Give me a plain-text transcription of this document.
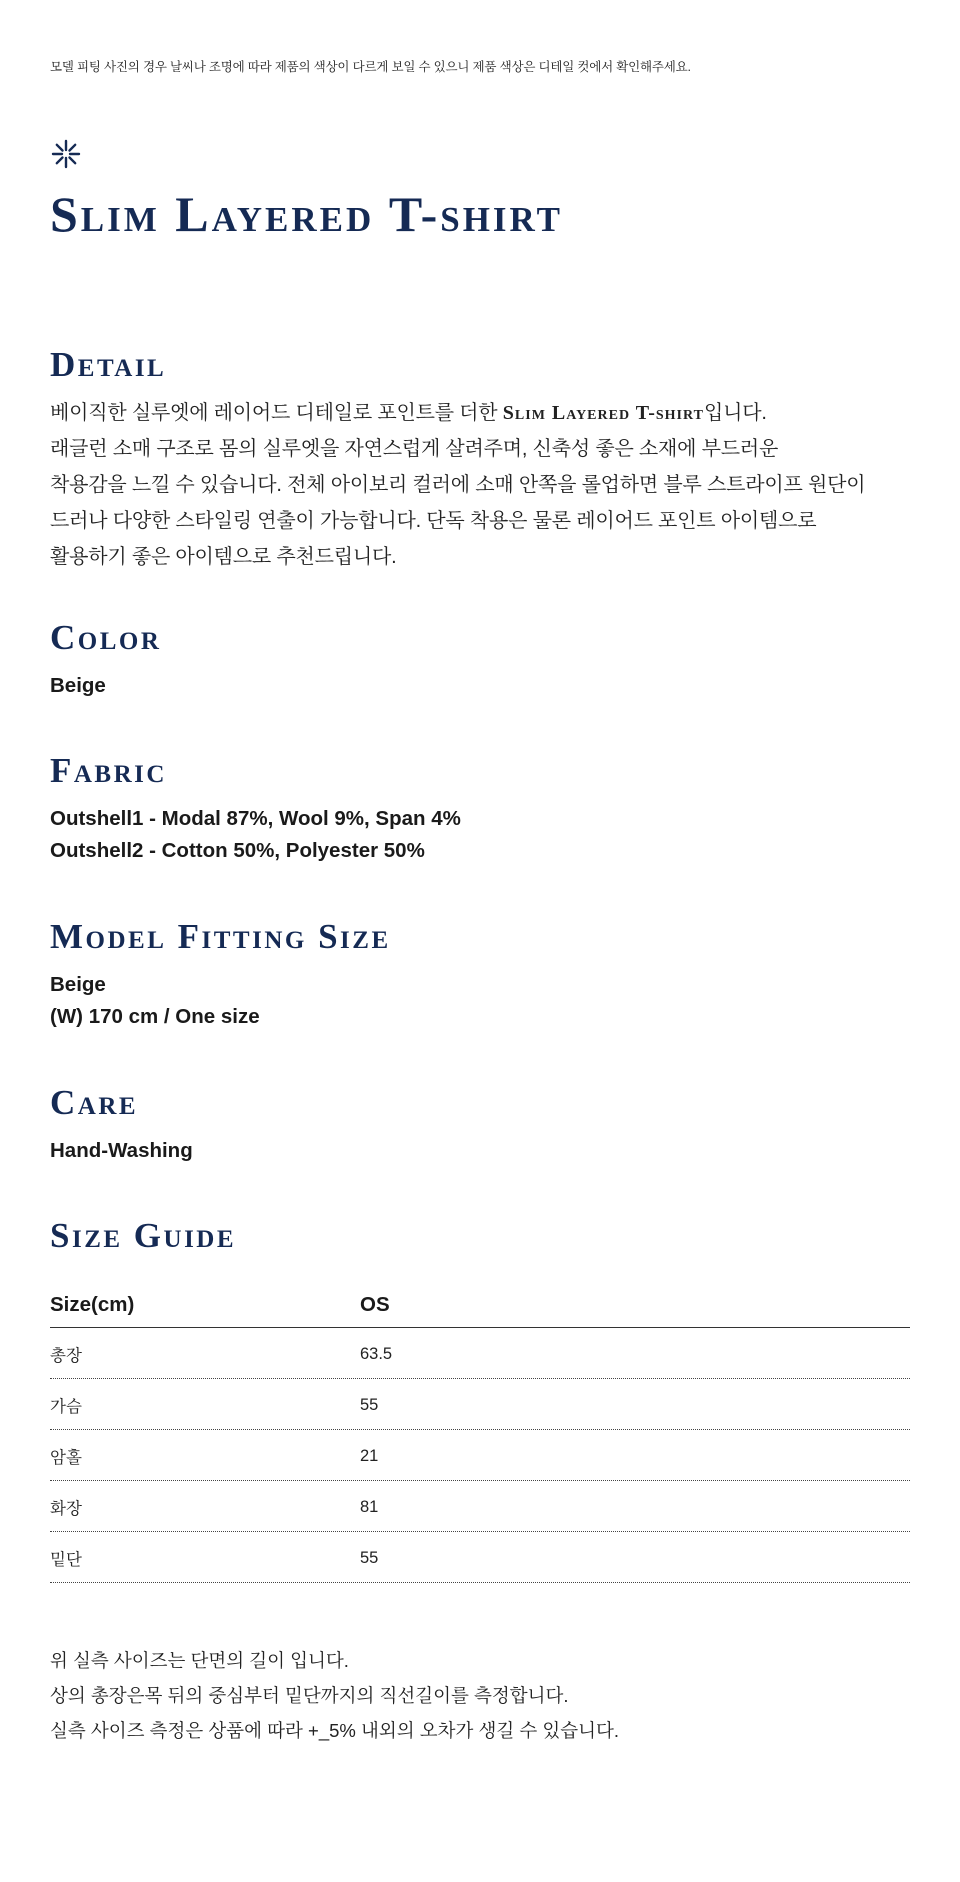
모델 피팅 사진의 경우 날씨나 조명에 따라 제품의 색상이 다르게 보일 수 있으니 제품 색상은 디테일 컷에서 확인해주세요.
Slim Layered T-shirt
Detail
베이직한 실루엣에 레이어드 디테일로 포인트를 더한 Slim Layered T-shirt입니다.
래글런 소매 구조로 몸의 실루엣을 자연스럽게 살려주며, 신축성 좋은 소재에 부드러운
착용감을 느낄 수 있습니다. 전체 아이보리 컬러에 소매 안쪽을 롤업하면 블루 스트라이프 원단이
드러나 다양한 스타일링 연출이 가능합니다. 단독 착용은 물론 레이어드 포인트 아이템으로
활용하기 좋은 아이템으로 추천드립니다.
Color
Beige
Fabric
Outshell1 - Modal 87%, Wool 9%, Span 4%
Outshell2 - Cotton 50%, Polyester 50%
Model Fitting Size
Beige
(W) 170 cm / One size
Care
Hand-Washing
Size Guide
Size(cm)	OS
총장	63.5
가슴	55
암홀	21
화장	81
밑단	55
위 실측 사이즈는 단면의 길이 입니다.
상의 총장은목 뒤의 중심부터 밑단까지의 직선길이를 측정합니다.
실측 사이즈 측정은 상품에 따라 +_5% 내외의 오차가 생길 수 있습니다.
